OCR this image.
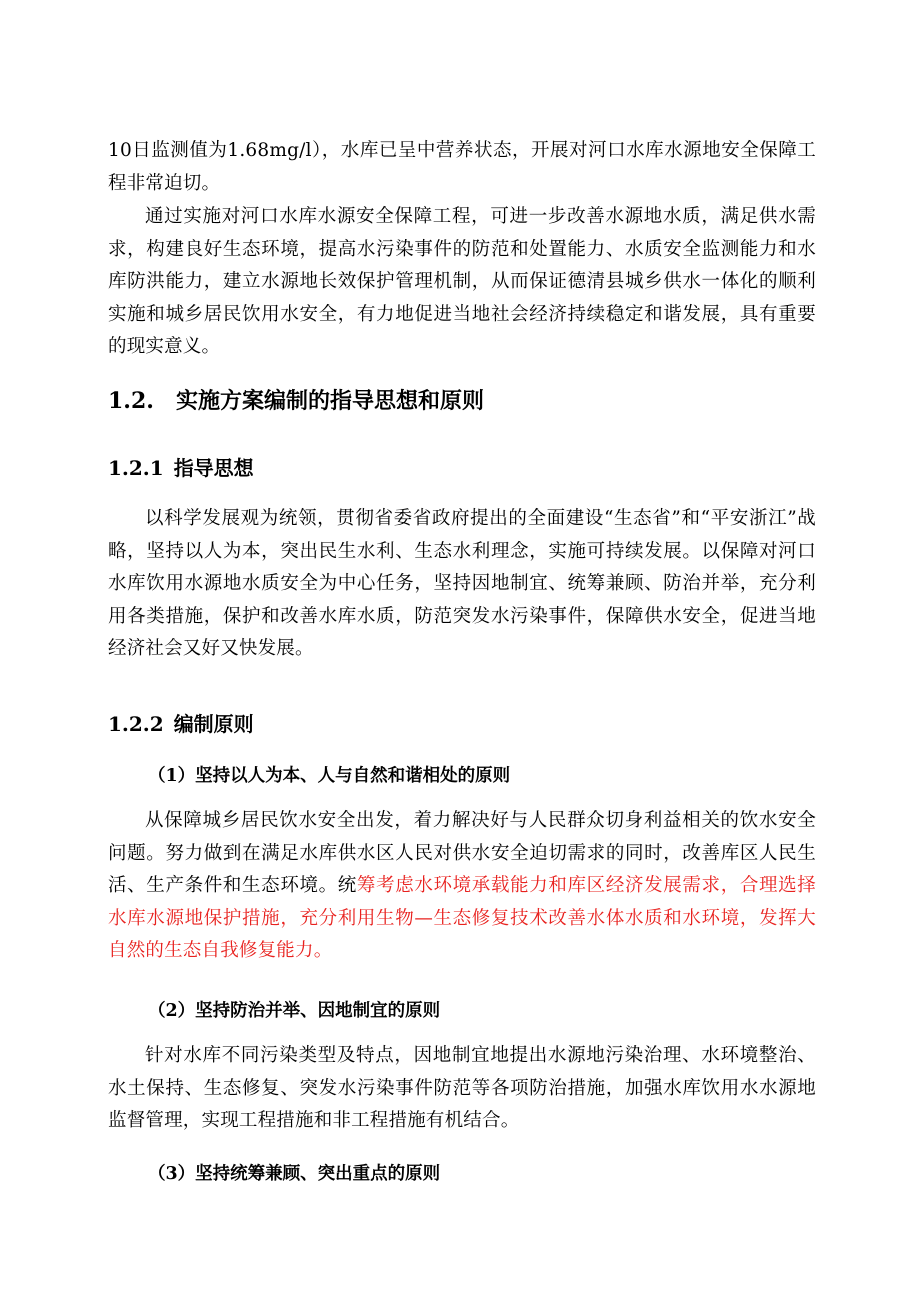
10日监测值为1.68mg/l），水库已呈中营养状态，开展对河口水库水源地安全保障工程非常迫切。

通过实施对河口水库水源安全保障工程，可进一步改善水源地水质，满足供水需求，构建良好生态环境，提高水污染事件的防范和处置能力、水质安全监测能力和水库防洪能力，建立水源地长效保护管理机制，从而保证德清县城乡供水一体化的顺利实施和城乡居民饮用水安全，有力地促进当地社会经济持续稳定和谐发展，具有重要的现实意义。

1.2. 实施方案编制的指导思想和原则
1.2.1 指导思想

以科学发展观为统领，贯彻省委省政府提出的全面建设“生态省”和“平安浙江”战略，坚持以人为本，突出民生水利、生态水利理念，实施可持续发展。以保障对河口水库饮用水源地水质安全为中心任务，坚持因地制宜、统筹兼顾、防治并举，充分利用各类措施，保护和改善水库水质，防范突发水污染事件，保障供水安全，促进当地经济社会又好又快发展。

1.2.2 编制原则
（1）坚持以人为本、人与自然和谐相处的原则

从保障城乡居民饮水安全出发，着力解决好与人民群众切身利益相关的饮水安全问题。努力做到在满足水库供水区人民对供水安全迫切需求的同时，改善库区人民生活、生产条件和生态环境。统筹考虑水环境承载能力和库区经济发展需求，合理选择水库水源地保护措施，充分利用生物—生态修复技术改善水体水质和水环境，发挥大自然的生态自我修复能力。

（2）坚持防治并举、因地制宜的原则

针对水库不同污染类型及特点，因地制宜地提出水源地污染治理、水环境整治、水土保持、生态修复、突发水污染事件防范等各项防治措施，加强水库饮用水水源地监督管理，实现工程措施和非工程措施有机结合。

（3）坚持统筹兼顾、突出重点的原则
